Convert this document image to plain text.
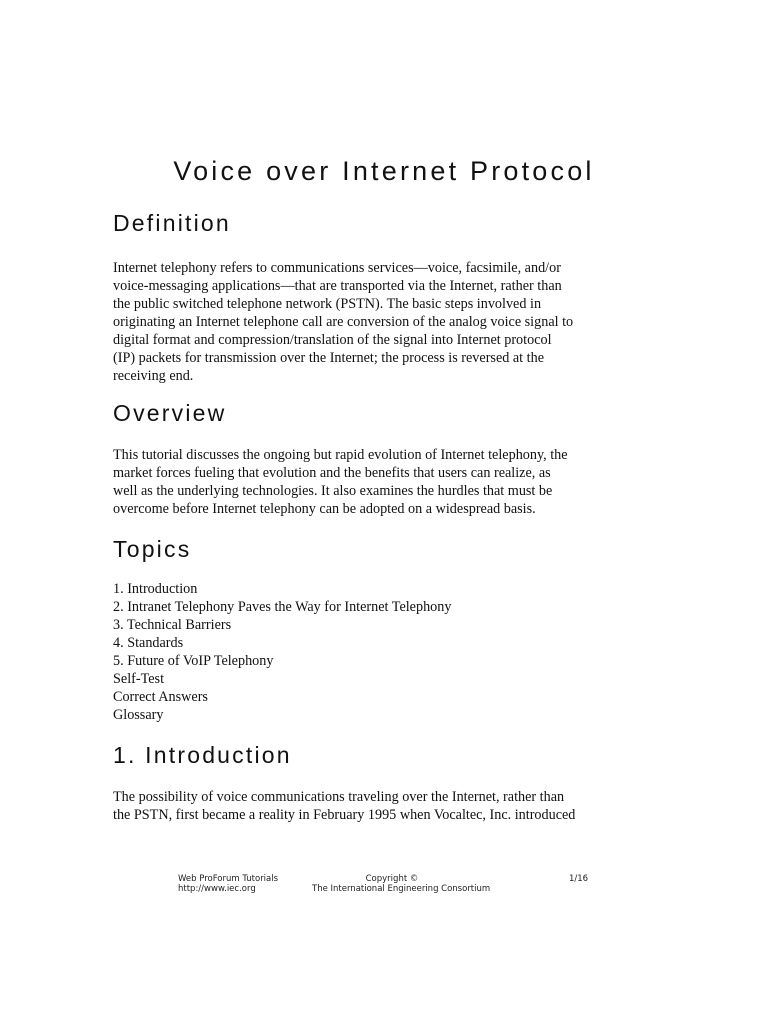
Voice over Internet Protocol
Definition

Internet telephony refers to communications services—voice, facsimile, and/or
voice-messaging applications—that are transported via the Internet, rather than
the public switched telephone network (PSTN). The basic steps involved in
originating an Internet telephone call are conversion of the analog voice signal to
digital format and compression/translation of the signal into Internet protocol
(IP) packets for transmission over the Internet; the process is reversed at the
receiving end.

Overview

This tutorial discusses the ongoing but rapid evolution of Internet telephony, the
market forces fueling that evolution and the benefits that users can realize, as
well as the underlying technologies. It also examines the hurdles that must be
overcome before Internet telephony can be adopted on a widespread basis.

Topics
1. Introduction
2. Intranet Telephony Paves the Way for Internet Telephony
3. Technical Barriers
4. Standards
5. Future of VoIP Telephony
Self-Test
Correct Answers
Glossary
1. Introduction

The possibility of voice communications traveling over the Internet, rather than
the PSTN, first became a reality in February 1995 when Vocaltec, Inc. introduced

Web ProForum Tutorials
http://www.iec.org
Copyright ©
The International Engineering Consortium
1/16
